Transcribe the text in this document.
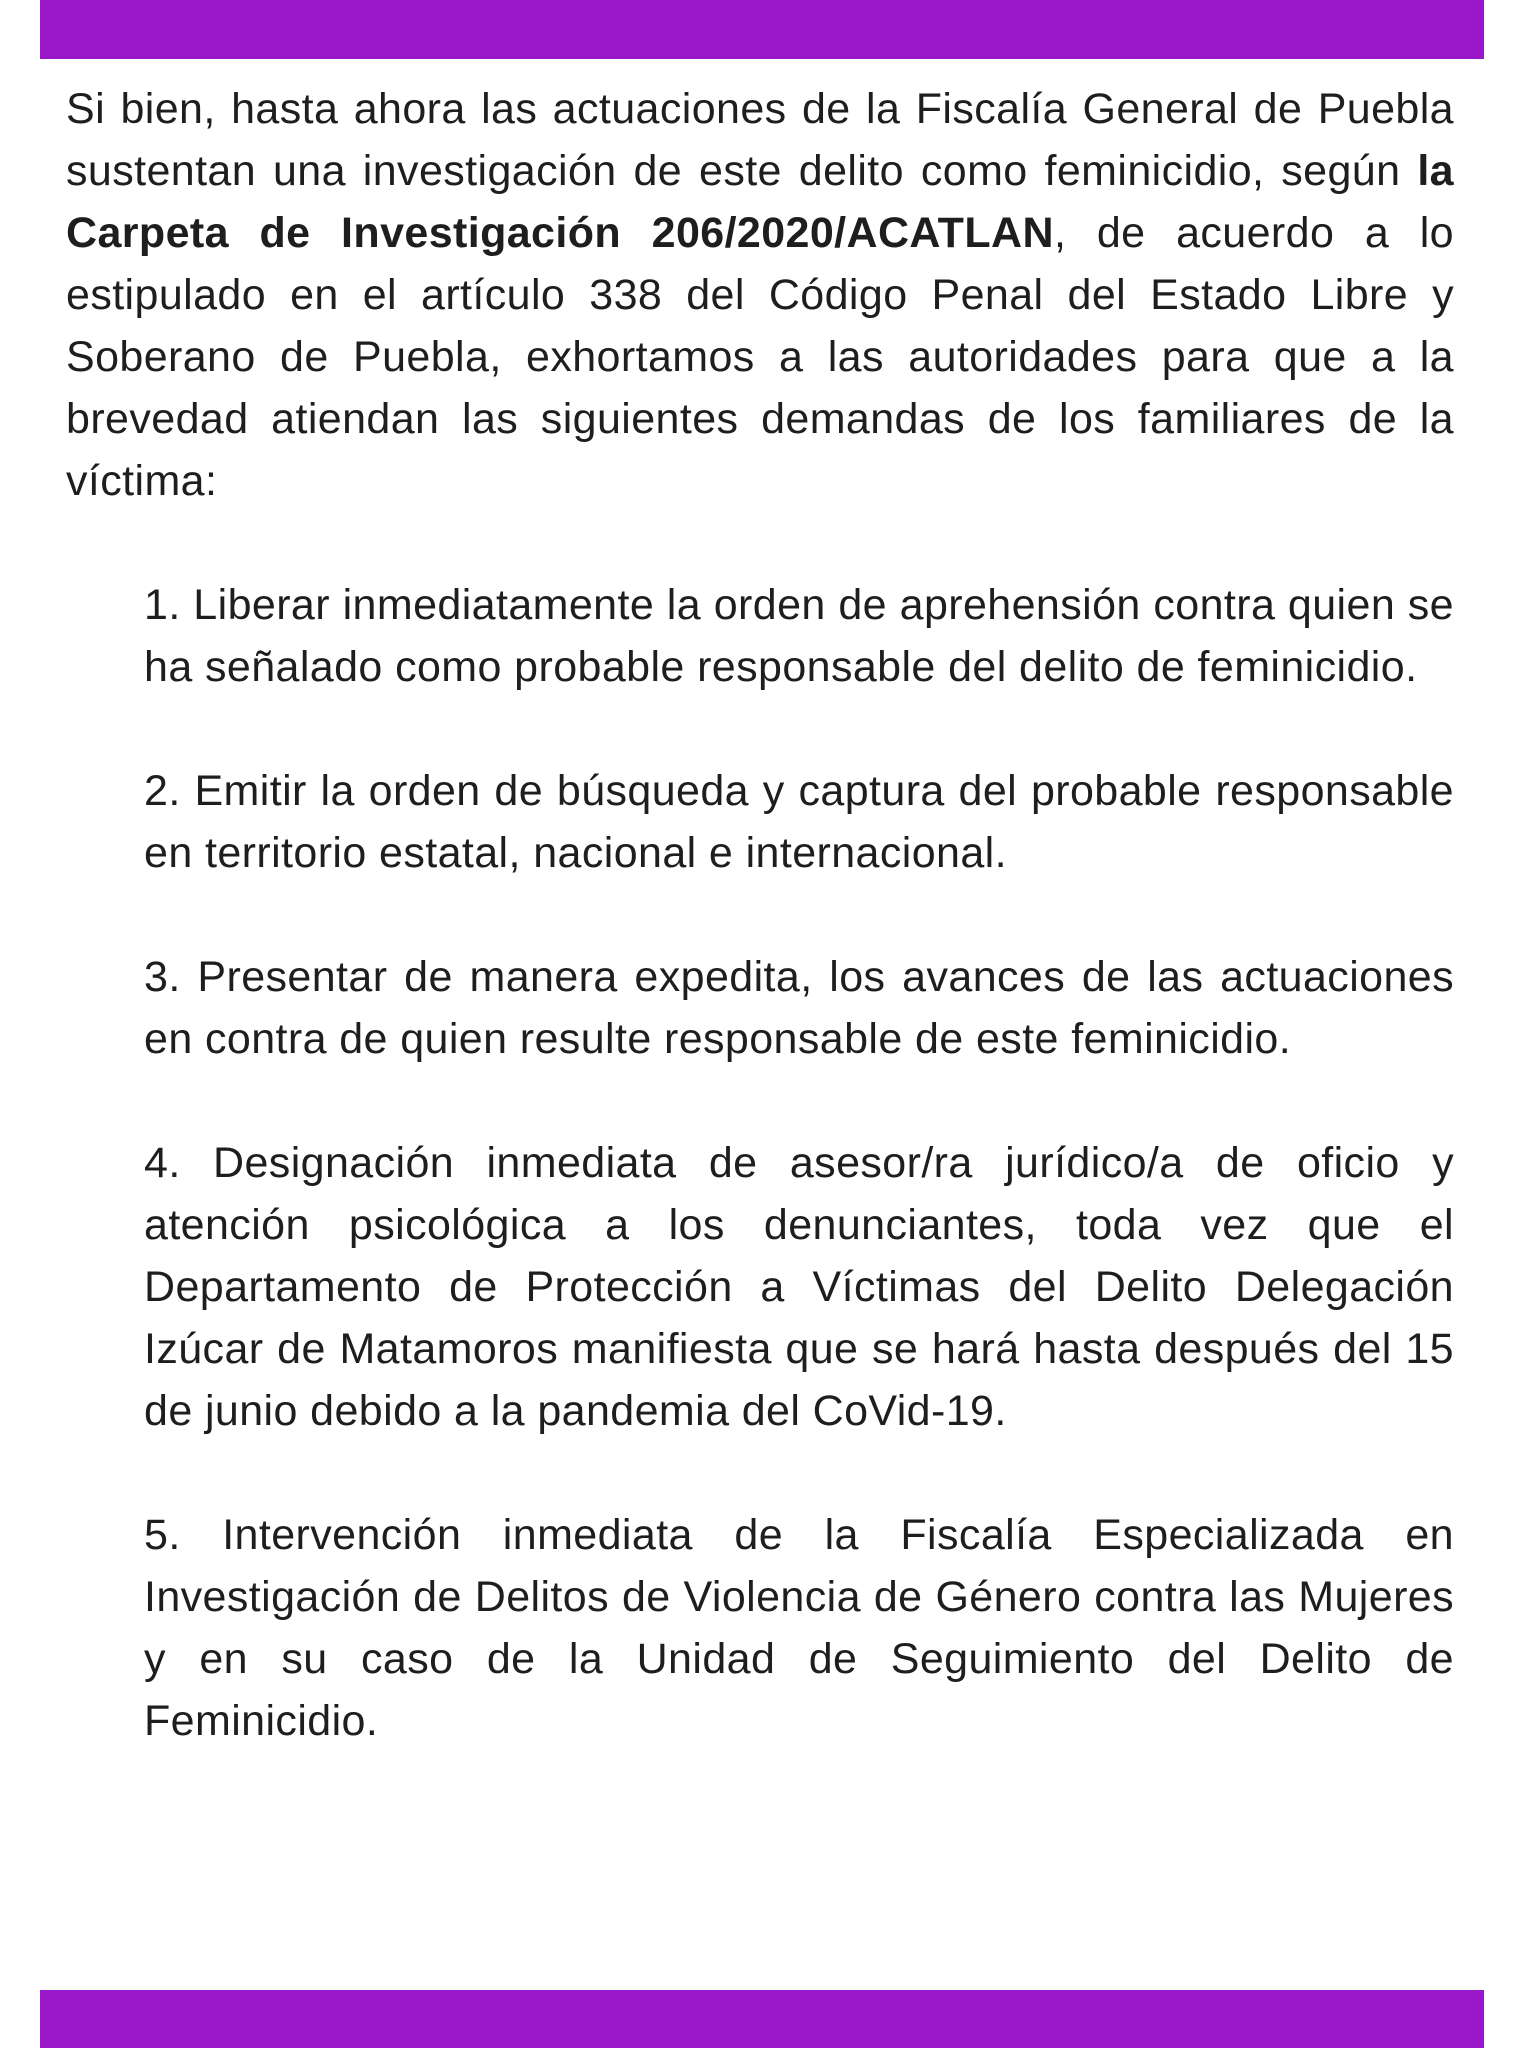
Si bien, hasta ahora las actuaciones de la Fiscalía General de Puebla sustentan una investigación de este delito como feminicidio, según la Carpeta de Investigación 206/2020/ACATLAN, de acuerdo a lo estipulado en el artículo 338 del Código Penal del Estado Libre y Soberano de Puebla, exhortamos a las autoridades para que a la brevedad atiendan las siguientes demandas de los familiares de la víctima:

1. Liberar inmediatamente la orden de aprehensión contra quien se ha señalado como probable responsable del delito de feminicidio.
2. Emitir la orden de búsqueda y captura del probable responsable en territorio estatal, nacional e internacional.
3. Presentar de manera expedita, los avances de las actuaciones en contra de quien resulte responsable de este feminicidio.
4. Designación inmediata de asesor/ra jurídico/a de oficio y atención psicológica a los denunciantes, toda vez que el Departamento de Protección a Víctimas del Delito Delegación Izúcar de Matamoros manifiesta que se hará hasta después del 15 de junio debido a la pandemia del CoVid-19.
5. Intervención inmediata de la Fiscalía Especializada en Investigación de Delitos de Violencia de Género contra las Mujeres y en su caso de la Unidad de Seguimiento del Delito de Feminicidio.
